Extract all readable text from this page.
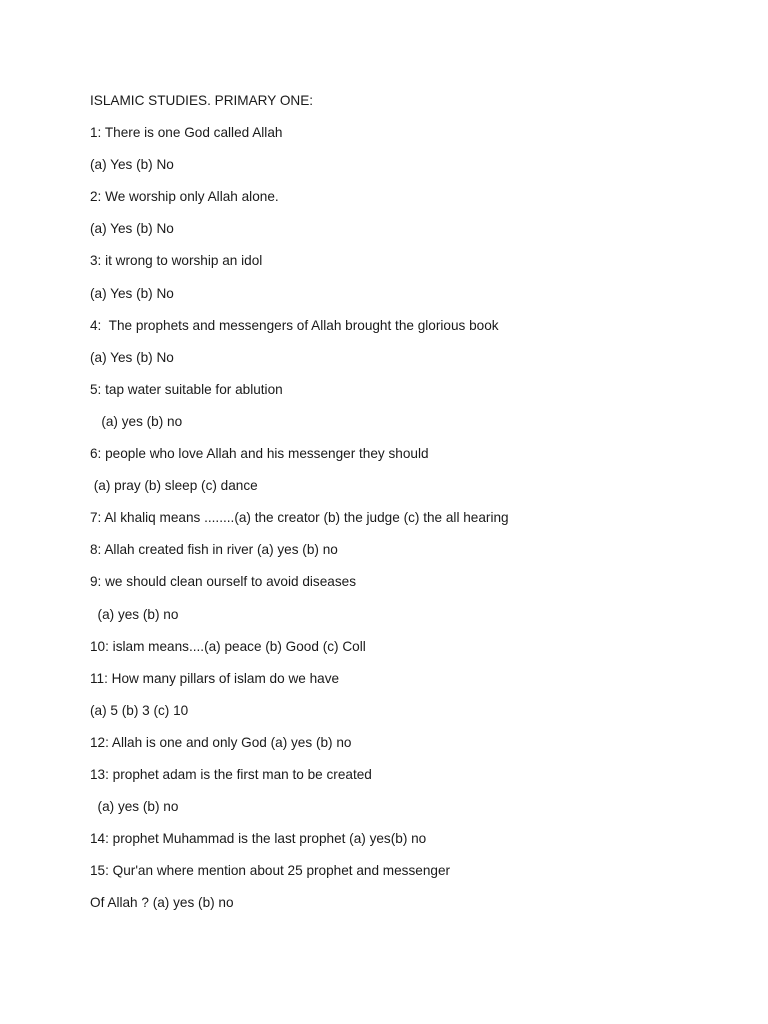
ISLAMIC STUDIES. PRIMARY ONE:
1: There is one God called Allah
(a) Yes (b) No
2: We worship only Allah alone.
(a) Yes (b) No
3: it wrong to worship an idol
(a) Yes (b) No
4:  The prophets and messengers of Allah brought the glorious book
(a) Yes (b) No
5: tap water suitable for ablution
(a) yes (b) no
6: people who love Allah and his messenger they should
(a) pray (b) sleep (c) dance
7: Al khaliq means ........(a) the creator (b) the judge (c) the all hearing
8: Allah created fish in river (a) yes (b) no
9: we should clean ourself to avoid diseases
(a) yes (b) no
10: islam means....(a) peace (b) Good (c) Coll
11: How many pillars of islam do we have
(a) 5 (b) 3 (c) 10
12: Allah is one and only God (a) yes (b) no
13: prophet adam is the first man to be created
(a) yes (b) no
14: prophet Muhammad is the last prophet (a) yes(b) no
15: Qur'an where mention about 25 prophet and messenger
Of Allah ? (a) yes (b) no
